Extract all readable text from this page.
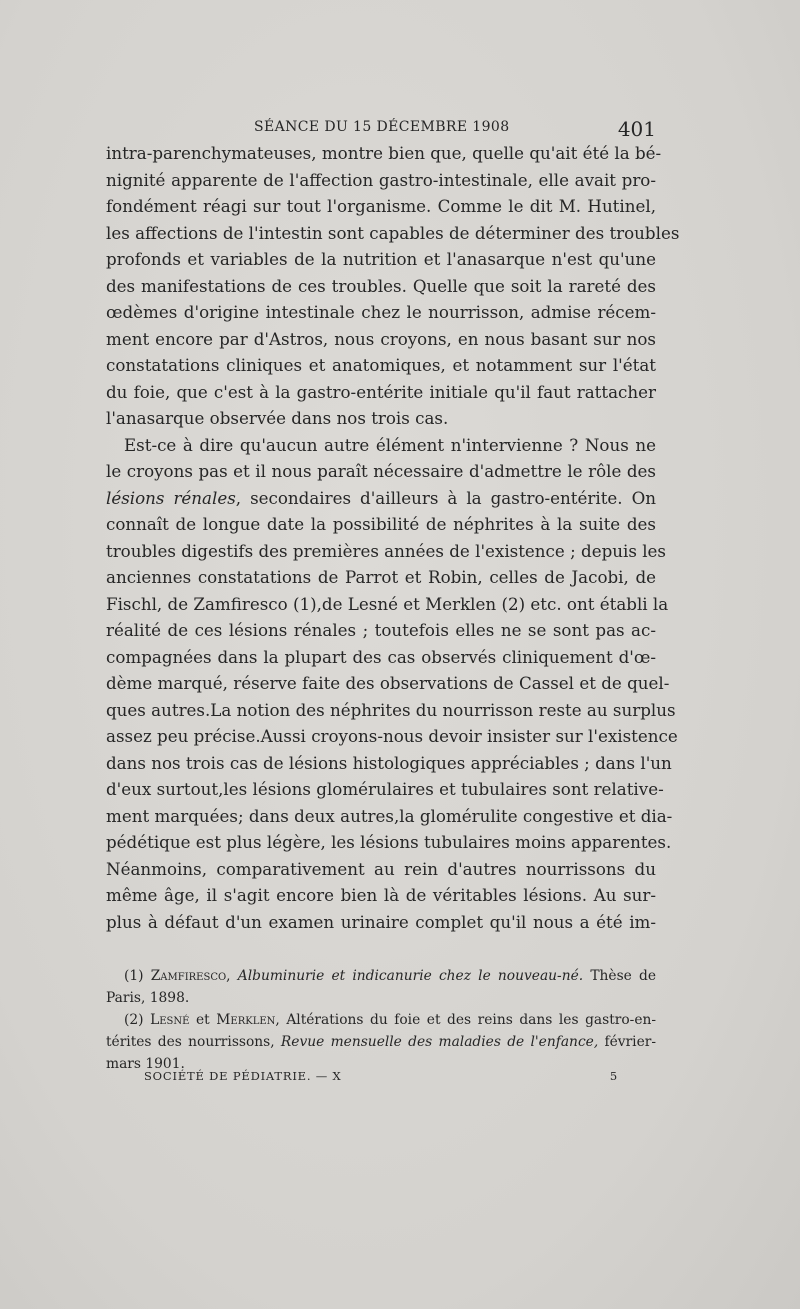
SÉANCE DU 15 DÉCEMBRE 1908	401
intra-parenchymateuses, montre bien que, quelle qu'ait été la bé-
nignité apparente de l'affection gastro-intestinale, elle avait pro-
fondément réagi sur tout l'organisme. Comme le dit M. Hutinel,
les affections de l'intestin sont capables de déterminer des troubles
profonds et variables de la nutrition et l'anasarque n'est qu'une
des manifestations de ces troubles. Quelle que soit la rareté des
œdèmes d'origine intestinale chez le nourrisson, admise récem-
ment encore par d'Astros, nous croyons, en nous basant sur nos
constatations cliniques et anatomiques, et notamment sur l'état
du foie, que c'est à la gastro-entérite initiale qu'il faut rattacher
l'anasarque observée dans nos trois cas.
Est-ce à dire qu'aucun autre élément n'intervienne ? Nous ne
le croyons pas et il nous paraît nécessaire d'admettre le rôle des
lésions rénales, secondaires d'ailleurs à la gastro-entérite. On
connaît de longue date la possibilité de néphrites à la suite des
troubles digestifs des premières années de l'existence ; depuis les
anciennes constatations de Parrot et Robin, celles de Jacobi, de
Fischl, de Zamfiresco (1),de Lesné et Merklen (2) etc. ont établi la
réalité de ces lésions rénales ; toutefois elles ne se sont pas ac-
compagnées dans la plupart des cas observés cliniquement d'œ-
dème marqué, réserve faite des observations de Cassel et de quel-
ques autres.La notion des néphrites du nourrisson reste au surplus
assez peu précise.Aussi croyons-nous devoir insister sur l'existence
dans nos trois cas de lésions histologiques appréciables ; dans l'un
d'eux surtout,les lésions glomérulaires et tubulaires sont relative-
ment marquées; dans deux autres,la glomérulite congestive et dia-
pédétique est plus légère, les lésions tubulaires moins apparentes.
Néanmoins, comparativement au rein d'autres nourrissons du
même âge, il s'agit encore bien là de véritables lésions. Au sur-
plus à défaut d'un examen urinaire complet qu'il nous a été im-
(1) Zamfiresco, Albuminurie et indicanurie chez le nouveau-né. Thèse de
Paris, 1898.
(2) Lesné et Merklen, Altérations du foie et des reins dans les gastro-en-
térites des nourrissons, Revue mensuelle des maladies de l'enfance, février-
mars 1901.
SOCIÉTÉ DE PÉDIATRIE. — X	5
